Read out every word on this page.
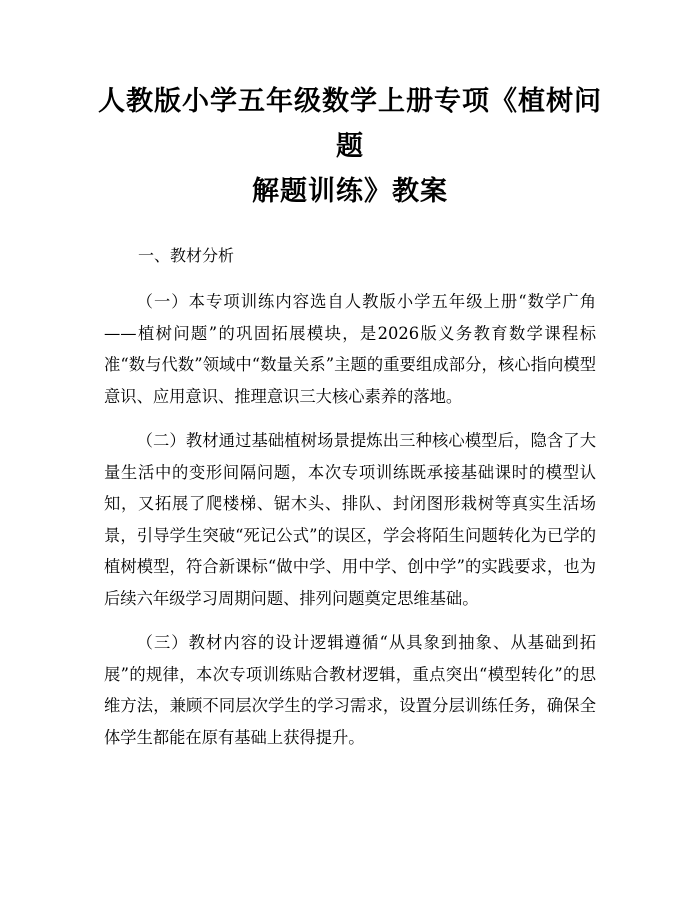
人教版小学五年级数学上册专项《植树问题
解题训练》教案
一、教材分析

（一）本专项训练内容选自人教版小学五年级上册“数学广角——植树问题”的巩固拓展模块，是2026版义务教育数学课程标准“数与代数”领域中“数量关系”主题的重要组成部分，核心指向模型意识、应用意识、推理意识三大核心素养的落地。

（二）教材通过基础植树场景提炼出三种核心模型后，隐含了大量生活中的变形间隔问题，本次专项训练既承接基础课时的模型认知，又拓展了爬楼梯、锯木头、排队、封闭图形栽树等真实生活场景，引导学生突破“死记公式”的误区，学会将陌生问题转化为已学的植树模型，符合新课标“做中学、用中学、创中学”的实践要求，也为后续六年级学习周期问题、排列问题奠定思维基础。

（三）教材内容的设计逻辑遵循“从具象到抽象、从基础到拓展”的规律，本次专项训练贴合教材逻辑，重点突出“模型转化”的思维方法，兼顾不同层次学生的学习需求，设置分层训练任务，确保全体学生都能在原有基础上获得提升。
